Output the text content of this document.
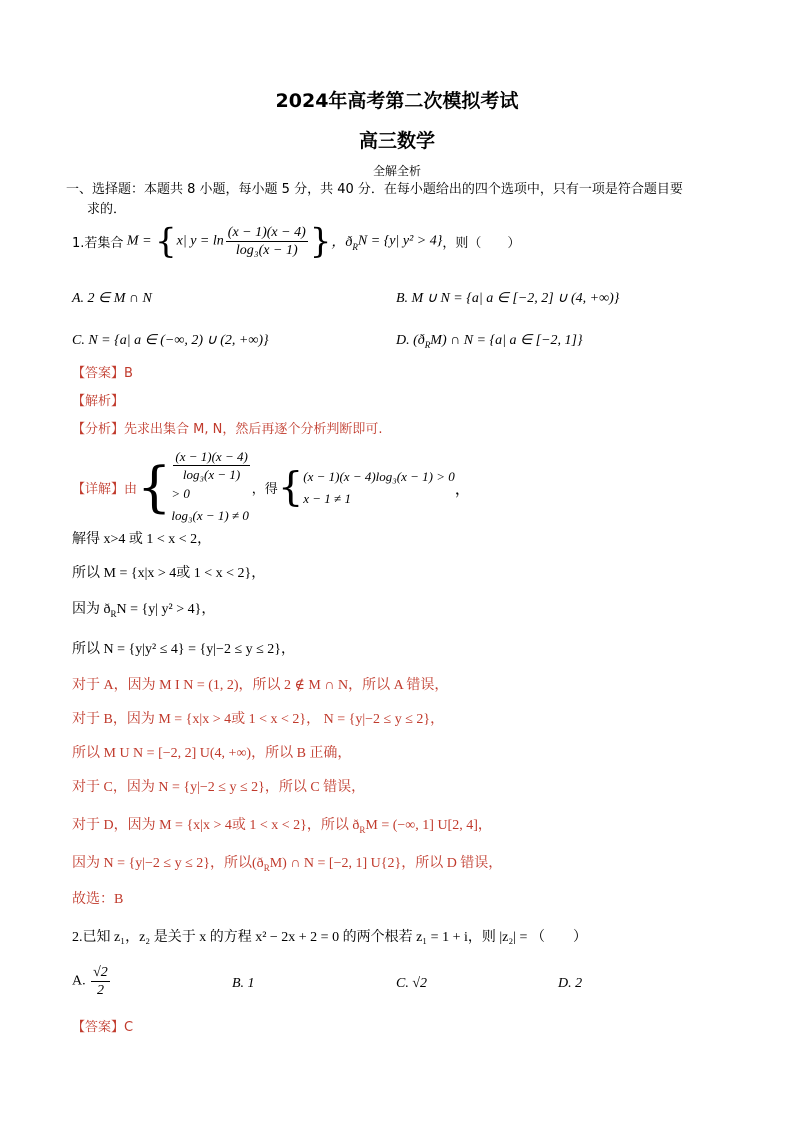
2024年高考第二次模拟考试
高三数学
全解全析
一、选择题：本题共 8 小题，每小题 5 分，共 40 分．在每小题给出的四个选项中，只有一项是符合题目要
求的．
1.若集合 M = {x| $y = \ln \frac{(x - 1)(x - 4)}{\text{log₃(x − 1)}}$ }，$ð_RN = \{y|$ y² > 4}，则（　　）
A. 2 ∈ M ∩ N	B. M ∪ N = {a| a ∈ [−2, 2] ∪ (4, +∞)}
C. N = {a| a ∈ (−∞, 2) ∪ (2, +∞)}	D. $(ð_RM)$ ∩ N = {a| a ∈ [−2, 1]}
【答案】B
【解析】
【分析】先求出集合 M, N，然后再逐个分析判断即可.
【详解】由{ (x − 1)(x − 4)
log₃(x − 1)
> 0
log₃(x − 1) ≠ 0
，得{ (x − 1)(x − 4)log₃(x − 1) > 0
x − 1 ≠ 1	，
解得 x>4 或 1 < x < 2，
所以 M = {x|x > 4或 1 < x < 2}，
因为 $ð_RN = \{y|$ y² > 4}，
所以 N = {y|y² ≤ 4} = {y|−2 ≤ y ≤ 2}，
对于 A，因为 M I N = (1, 2)，所以 2 ∉ M ∩ N，所以 A 错误，
对于 B，因为 M = {x|x > 4或 1 < x < 2}， N = {y|−2 ≤ y ≤ 2}，
所以 M U N = [−2, 2] U(4, +∞)，所以 B 正确，
对于 C，因为 N = {y|−2 ≤ y ≤ 2}，所以 C 错误，
对于 D，因为 M = {x|x > 4或 1 < x < 2}，所以 $ð_RM$ = (−∞, 1] U[2, 4]，
因为 N = {y|−2 ≤ y ≤ 2}，所以$(ð_RM)$ ∩ N = [−2, 1] U{2}，所以 D 错误，
故选：B
2.已知 z₁，z₂ 是关于 x 的方程 x² − 2x + 2 = 0 的两个根若 z₁ = 1 + i，则 |z₂| = （　　）
A. $\frac{√2}{2}$	B. 1	C. √2	D. 2
【答案】C
